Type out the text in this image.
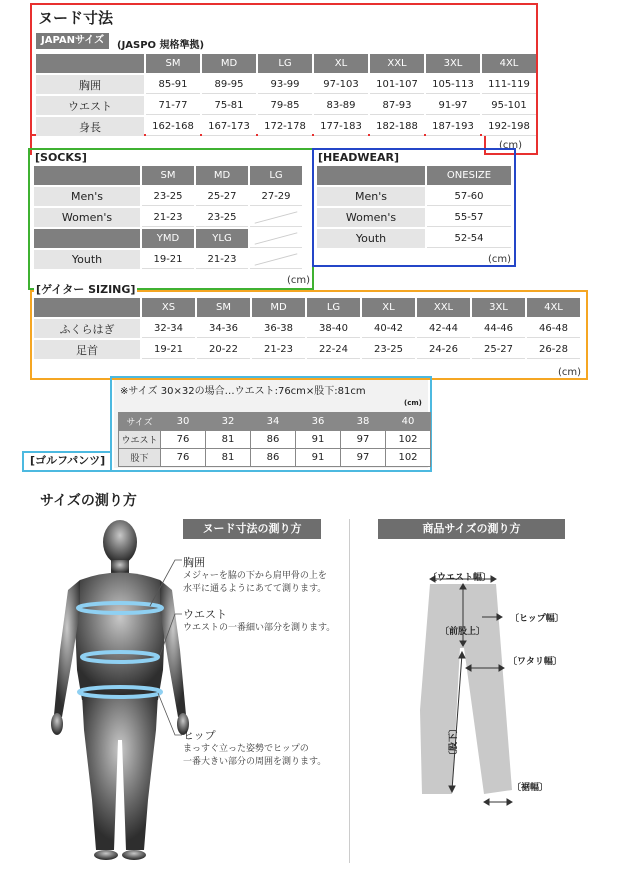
(cm)
ヌード寸法
JAPANサイズ	(JASPO 規格準拠)
	SM	MD	LG	XL	XXL	3XL	4XL
胸囲	85-91	89-95	93-99	97-103	101-107	105-113	111-119
ウエスト	71-77	75-81	79-85	83-89	87-93	91-97	95-101
身長	162-168	167-173	172-178	177-183	182-188	187-193	192-198
[SOCKS]
(cm)
	SM	MD	LG
Men's	23-25	25-27	27-29
Women's	21-23	23-25	
	YMD	YLG	
Youth	19-21	21-23	
[HEADWEAR]
(cm)
	ONESIZE
Men's	57-60
Women's	55-57
Youth	52-54
[ゲイター SIZING]
(cm)
	XS	SM	MD	LG	XL	XXL	3XL	4XL
ふくらはぎ	32-34	34-36	36-38	38-40	40-42	42-44	44-46	46-48
足首	19-21	20-22	21-23	22-24	23-25	24-26	25-27	26-28
[ゴルフパンツ]
※サイズ 30×32の場合…ウエスト:76cm×股下:81cm
(cm)
サイズ	30	32	34	36	38	40
ウエスト	76	81	86	91	97	102
股下	76	81	86	91	97	102
サイズの測り方
ヌード寸法の測り方	商品サイズの測り方
胸囲
メジャーを脇の下から肩甲骨の上を
水平に通るようにあてて測ります。
ウエスト
ウエストの一番細い部分を測ります。
ヒップ
まっすぐ立った姿勢でヒップの
一番大きい部分の周囲を測ります。
〔ウエスト幅〕
〔ヒップ幅〕
〔前股上〕
〔ワタリ幅〕
〔股下〕
〔裾幅〕
